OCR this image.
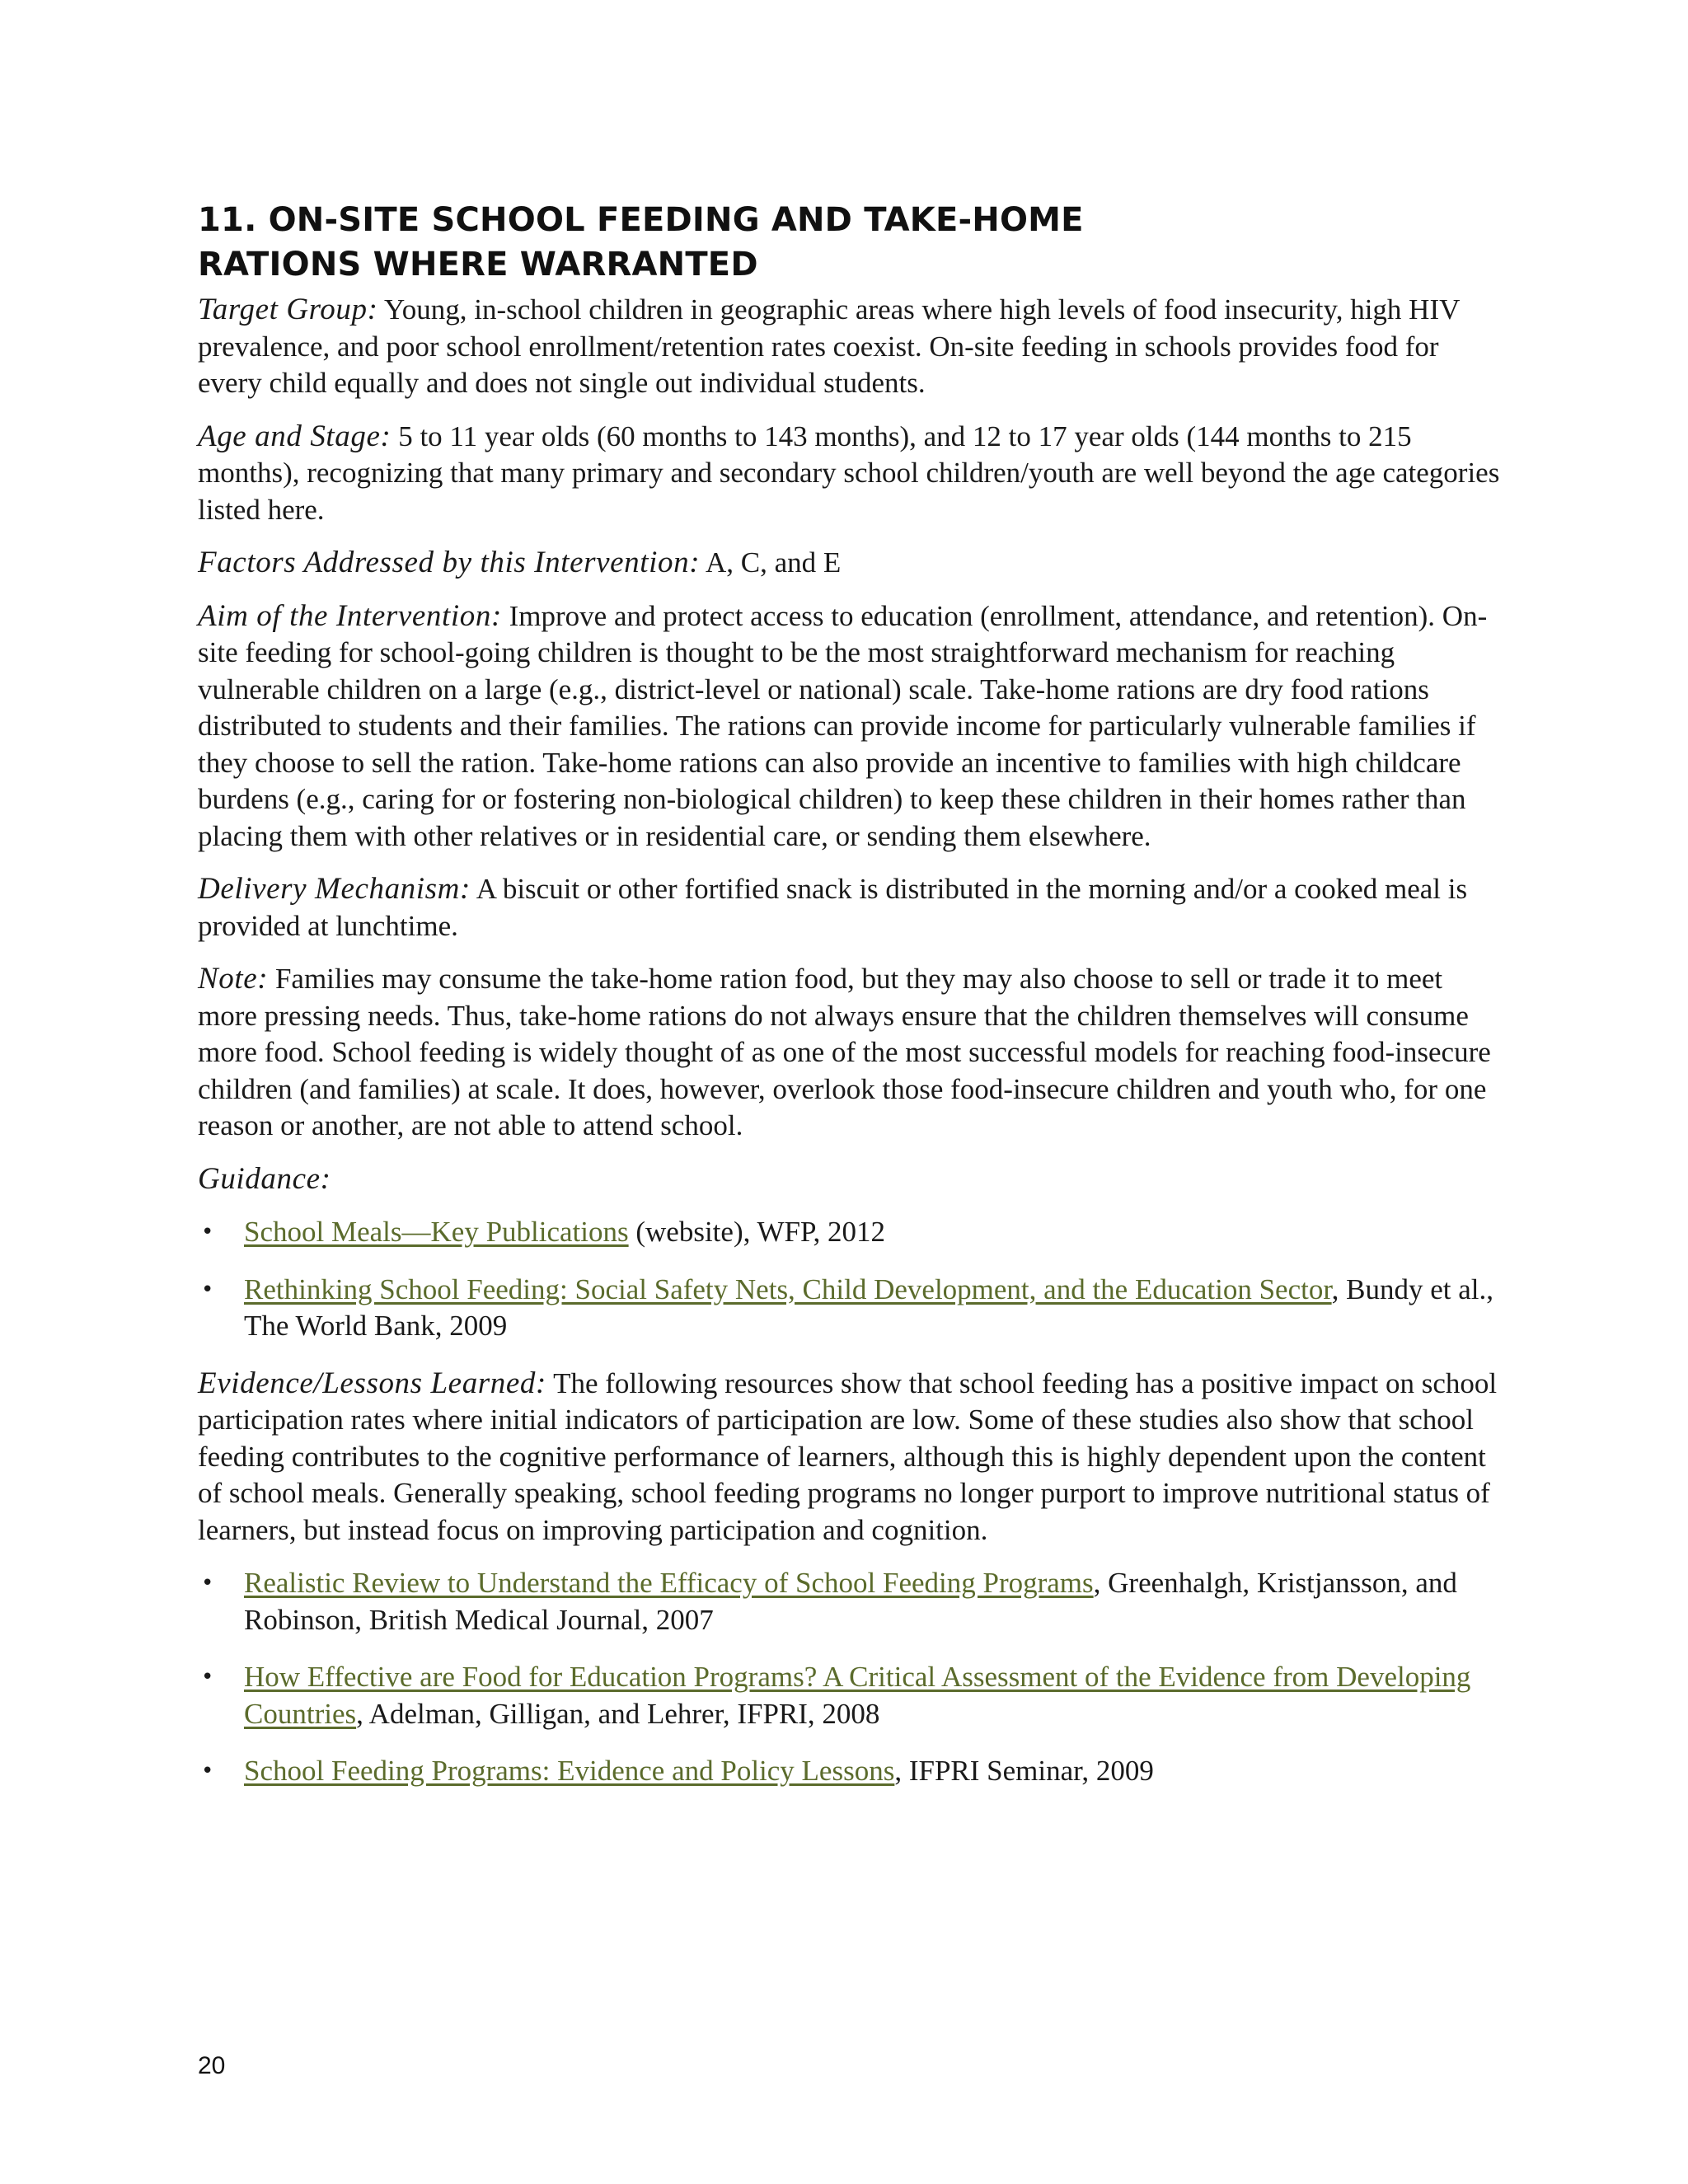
11. ON-SITE SCHOOL FEEDING AND TAKE-HOME
RATIONS WHERE WARRANTED

Target Group: Young, in-school children in geographic areas where high levels of food insecurity, high HIV prevalence, and poor school enrollment/retention rates coexist. On-site feeding in schools provides food for every child equally and does not single out individual students.

Age and Stage: 5 to 11 year olds (60 months to 143 months), and 12 to 17 year olds (144 months to 215 months), recognizing that many primary and secondary school children/youth are well beyond the age categories listed here.

Factors Addressed by this Intervention: A, C, and E

Aim of the Intervention: Improve and protect access to education (enrollment, attendance, and retention). On-site feeding for school-going children is thought to be the most straightforward mechanism for reaching vulnerable children on a large (e.g., district-level or national) scale. Take-home rations are dry food rations distributed to students and their families. The rations can provide income for particularly vulnerable families if they choose to sell the ration. Take-home rations can also provide an incentive to families with high childcare burdens (e.g., caring for or fostering non-biological children) to keep these children in their homes rather than placing them with other relatives or in residential care, or sending them elsewhere.

Delivery Mechanism: A biscuit or other fortified snack is distributed in the morning and/or a cooked meal is provided at lunchtime.

Note: Families may consume the take-home ration food, but they may also choose to sell or trade it to meet more pressing needs. Thus, take-home rations do not always ensure that the children themselves will consume more food. School feeding is widely thought of as one of the most successful models for reaching food-insecure children (and families) at scale. It does, however, overlook those food-insecure children and youth who, for one reason or another, are not able to attend school.

Guidance:

• School Meals—Key Publications (website), WFP, 2012
• Rethinking School Feeding: Social Safety Nets, Child Development, and the Education Sector, Bundy et al., The World Bank, 2009

Evidence/Lessons Learned: The following resources show that school feeding has a positive impact on school participation rates where initial indicators of participation are low. Some of these studies also show that school feeding contributes to the cognitive performance of learners, although this is highly dependent upon the content of school meals. Generally speaking, school feeding programs no longer purport to improve nutritional status of learners, but instead focus on improving participation and cognition.

• Realistic Review to Understand the Efficacy of School Feeding Programs, Greenhalgh, Kristjansson, and Robinson, British Medical Journal, 2007
• How Effective are Food for Education Programs? A Critical Assessment of the Evidence from Developing Countries, Adelman, Gilligan, and Lehrer, IFPRI, 2008
• School Feeding Programs: Evidence and Policy Lessons, IFPRI Seminar, 2009
20
